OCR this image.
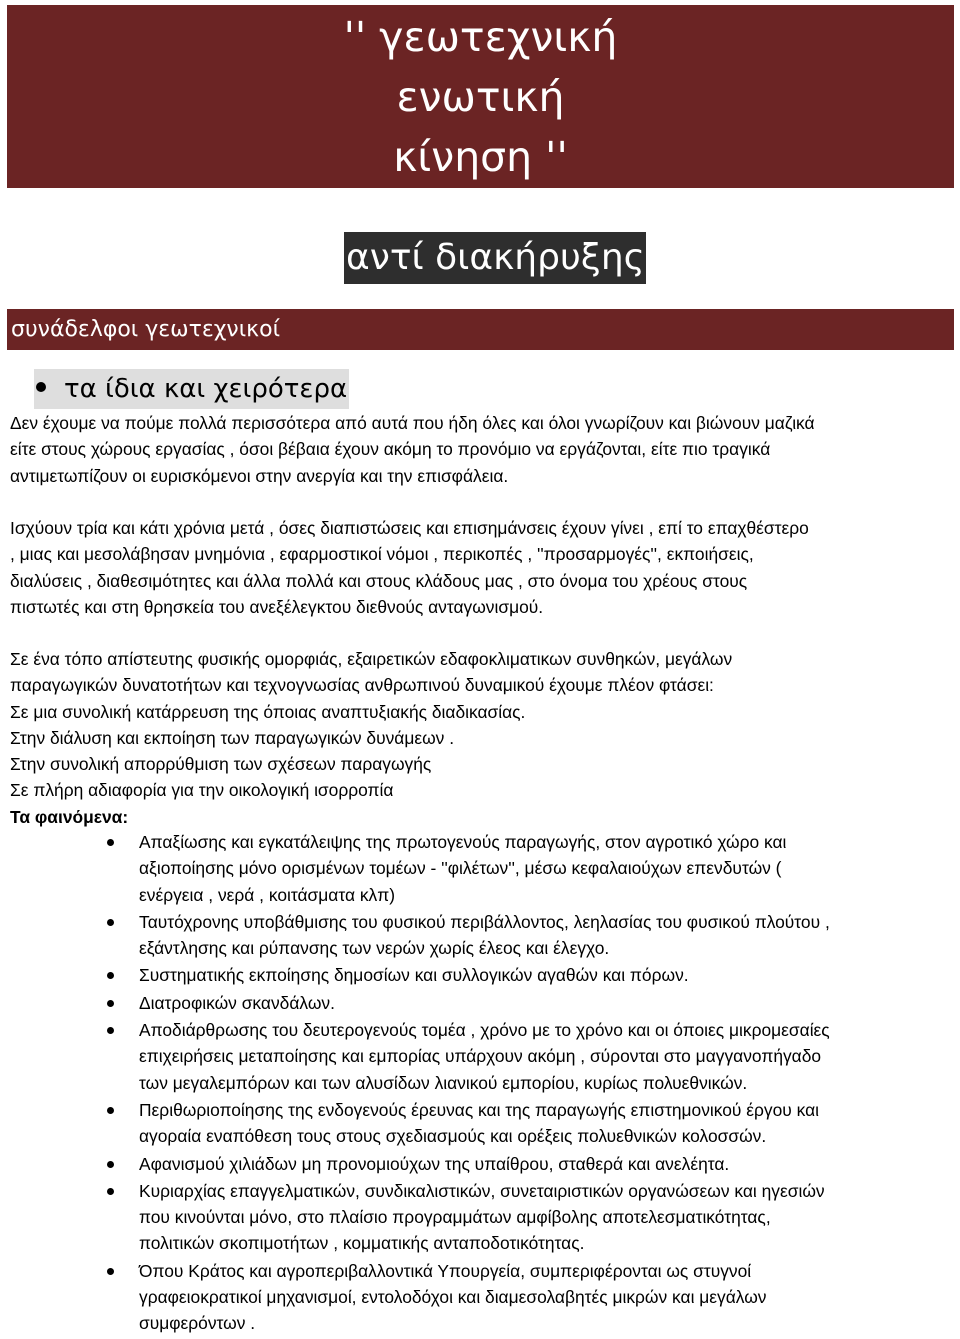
'' γεωτεχνική
ενωτική
κίνηση ''
αντί διακήρυξης
συνάδελφοι γεωτεχνικοί
τα ίδια και χειρότερα

Δεν έχουμε να πούμε πολλά περισσότερα από αυτά που ήδη όλες και όλοι γνωρίζουν και βιώνουν μαζικά

είτε στους χώρους εργασίας , όσοι βέβαια έχουν ακόμη το προνόμιο να εργάζονται, είτε πιο τραγικά

αντιμετωπίζουν οι ευρισκόμενοι στην ανεργία και την επισφάλεια.

Ισχύουν τρία και κάτι χρόνια μετά , όσες διαπιστώσεις και επισημάνσεις έχουν γίνει , επί το επαχθέστερο

, μιας και μεσολάβησαν μνημόνια , εφαρμοστικοί νόμοι , περικοπές , ''προσαρμογές'', εκποιήσεις,

διαλύσεις , διαθεσιμότητες και άλλα πολλά και στους κλάδους μας , στο όνομα του χρέους στους

πιστωτές και στη θρησκεία του ανεξέλεγκτου διεθνούς ανταγωνισμού.

Σε ένα τόπο απίστευτης φυσικής ομορφιάς, εξαιρετικών εδαφοκλιματικων συνθηκών, μεγάλων

παραγωγικών δυνατοτήτων και τεχνογνωσίας ανθρωπινού δυναμικού έχουμε πλέον φτάσει:

Σε μια συνολική κατάρρευση της όποιας αναπτυξιακής διαδικασίας.

Στην διάλυση και εκποίηση των παραγωγικών δυνάμεων .

Στην συνολική απορρύθμιση των σχέσεων παραγωγής

Σε πλήρη αδιαφορία για την οικολογική ισορροπία

Τα φαινόμενα:

Απαξίωσης και εγκατάλειψης της πρωτογενούς παραγωγής, στον αγροτικό χώρο και
αξιοποίησης μόνο ορισμένων τομέων - ''φιλέτων'', μέσω κεφαλαιούχων επενδυτών (
ενέργεια , νερά , κοιτάσματα κλπ)
Ταυτόχρονης υποβάθμισης του φυσικού περιβάλλοντος, λεηλασίας του φυσικού πλούτου ,
εξάντλησης και ρύπανσης των νερών χωρίς έλεος και έλεγχο.
Συστηματικής εκποίησης δημοσίων και συλλογικών αγαθών και πόρων.
Διατροφικών σκανδάλων.
Αποδιάρθρωσης του δευτερογενούς τομέα , χρόνο με το χρόνο και οι όποιες μικρομεσαίες
επιχειρήσεις μεταποίησης και εμπορίας υπάρχουν ακόμη , σύρονται στο μαγγανοπήγαδο
των μεγαλεμπόρων και των αλυσίδων λιανικού εμπορίου, κυρίως πολυεθνικών.
Περιθωριοποίησης της ενδογενούς έρευνας και της παραγωγής επιστημονικού έργου και
αγοραία εναπόθεση τους στους σχεδιασμούς και ορέξεις πολυεθνικών κολοσσών.
Αφανισμού χιλιάδων μη προνομιούχων της υπαίθρου, σταθερά και ανελέητα.
Κυριαρχίας επαγγελματικών, συνδικαλιστικών, συνεταιριστικών οργανώσεων και ηγεσιών
που κινούνται μόνο, στο πλαίσιο προγραμμάτων αμφίβολης αποτελεσματικότητας,
πολιτικών σκοπιμοτήτων , κομματικής ανταποδοτικότητας.
Όπου Κράτος και αγροπεριβαλλοντικά Υπουργεία, συμπεριφέρονται ως στυγνοί
γραφειοκρατικοί μηχανισμοί, εντολοδόχοι και διαμεσολαβητές μικρών και μεγάλων
συμφερόντων .
